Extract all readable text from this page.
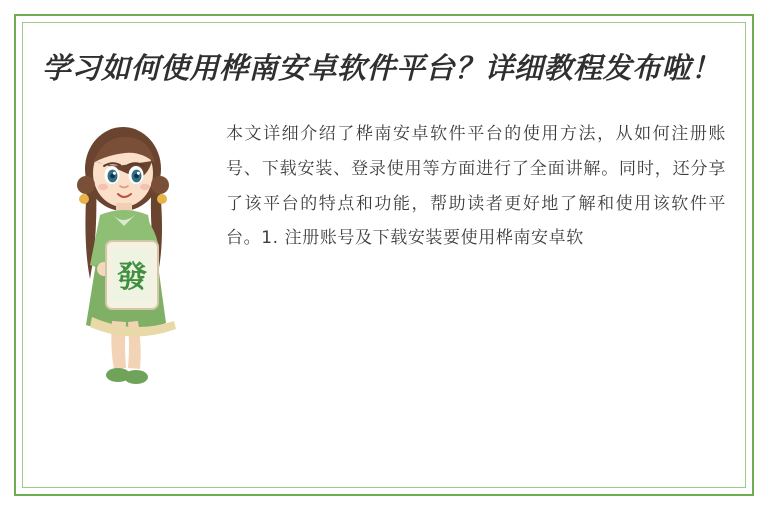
学习如何使用桦南安卓软件平台？详细教程发布啦！
發
本文详细介绍了桦南安卓软件平台的使用方法，从如何注册账号、下载安装、登录使用等方面进行了全面讲解。同时，还分享了该平台的特点和功能，帮助读者更好地了解和使用该软件平台。1. 注册账号及下载安装要使用桦南安卓软
